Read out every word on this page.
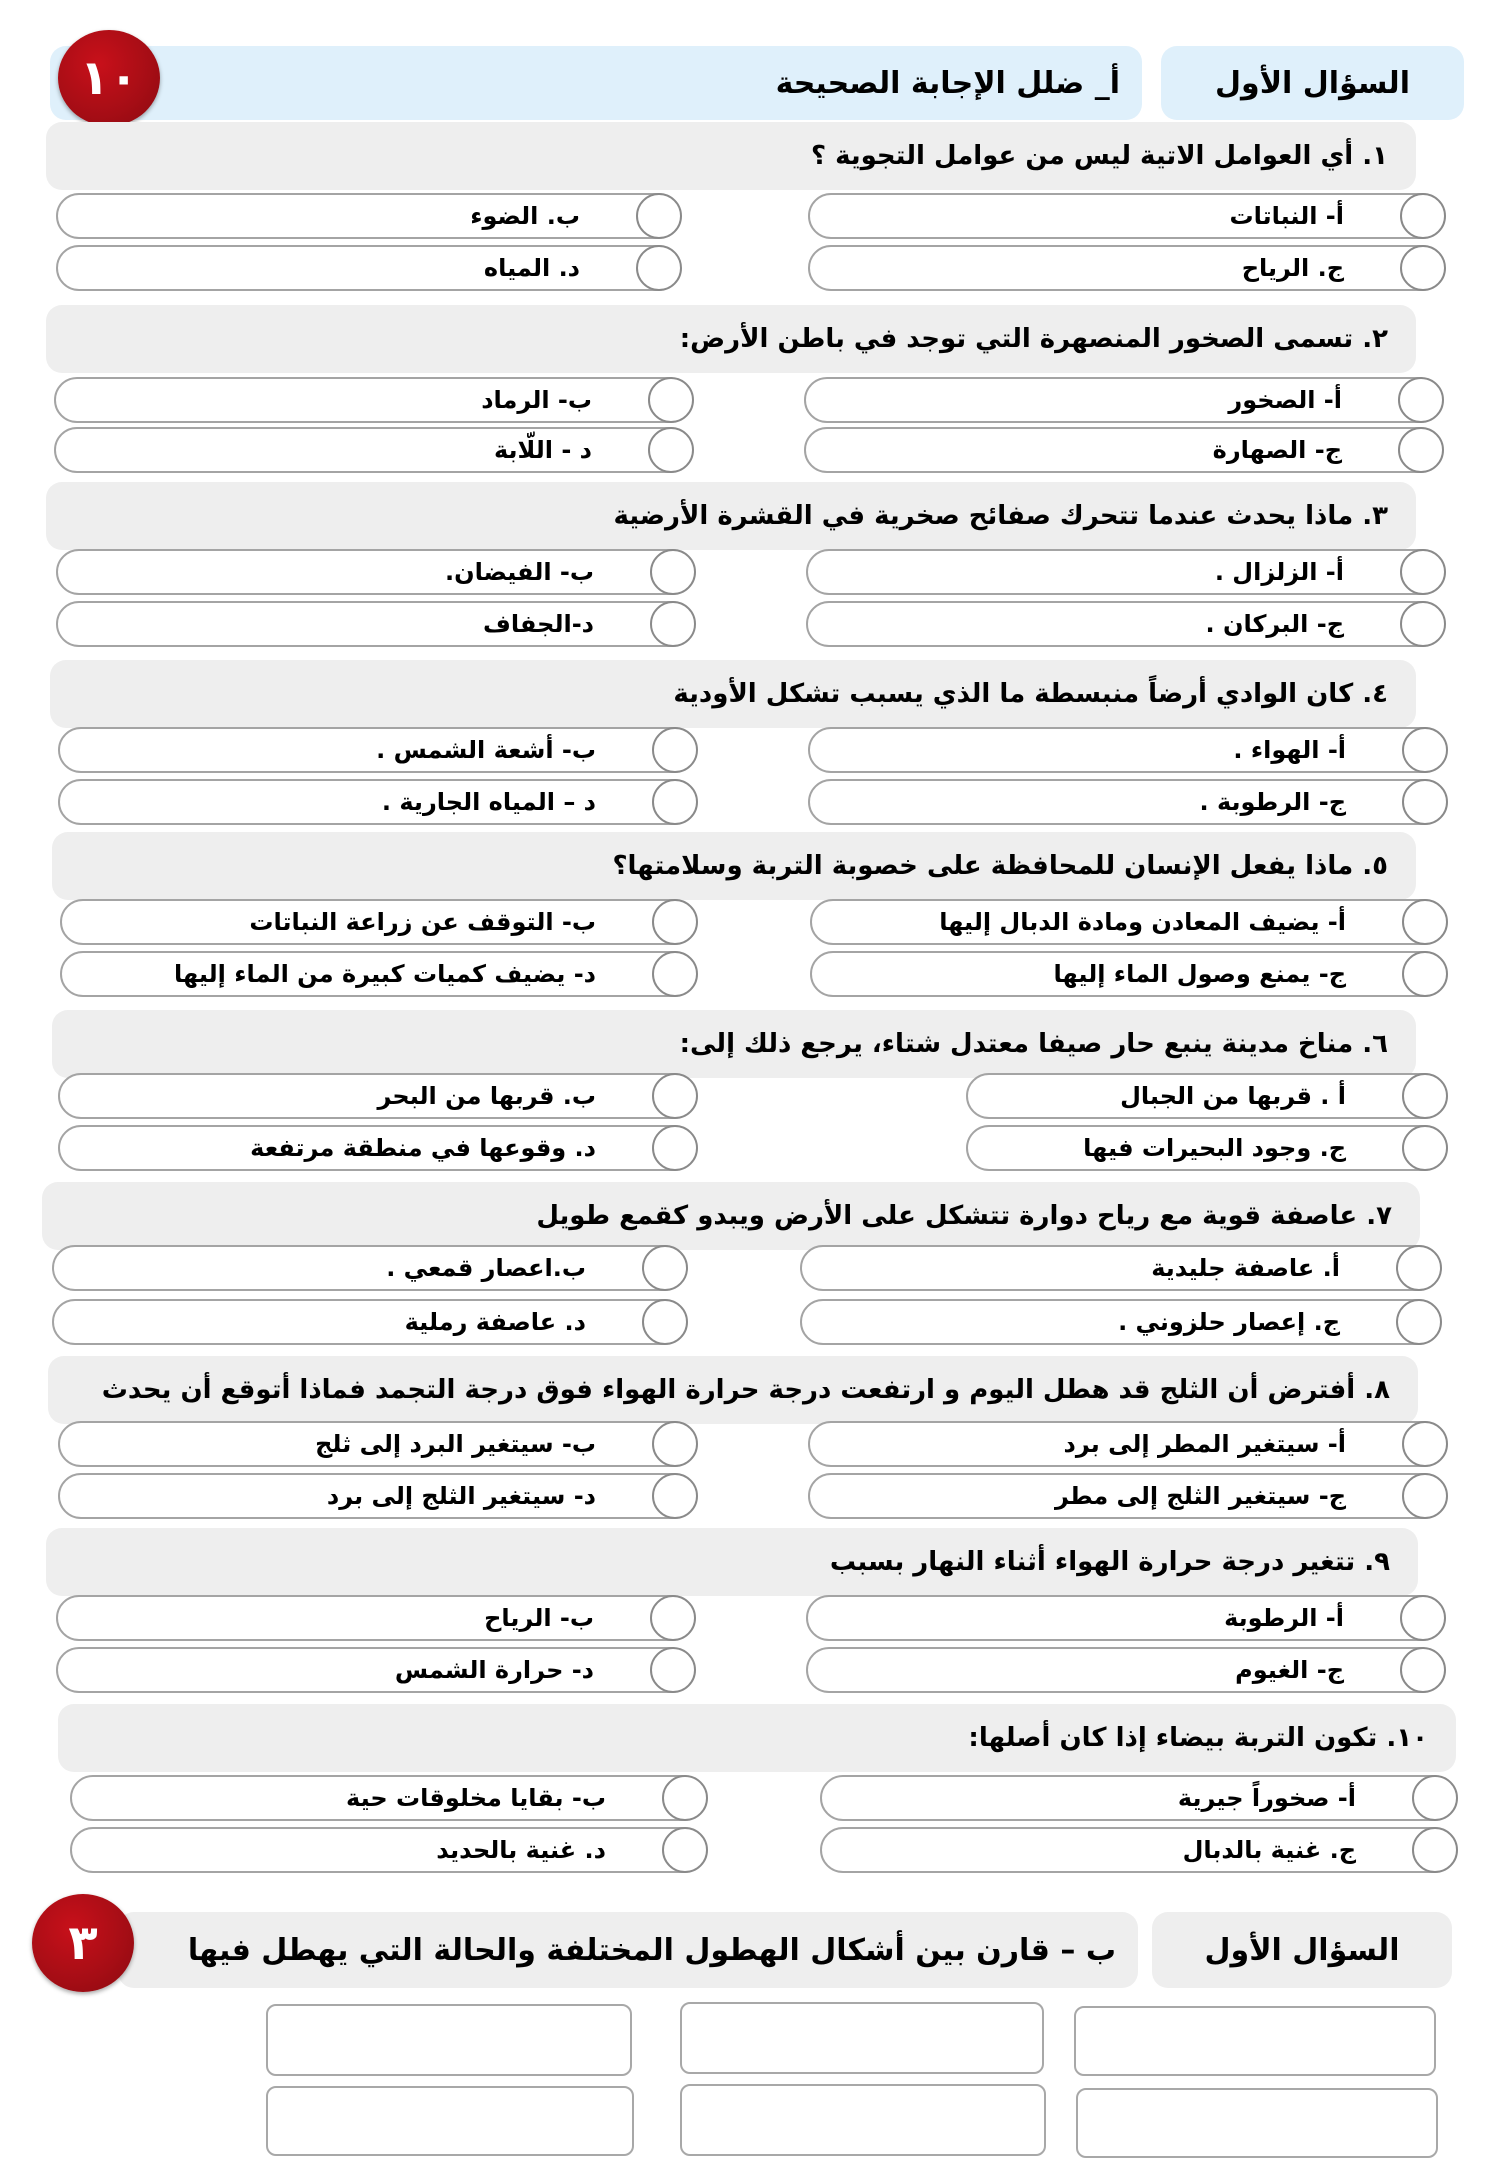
السؤال الأول
أ_ ضلل الإجابة الصحيحة
١٠
١. أي العوامل الاتية ليس من عوامل التجوية ؟
أ- النباتات
ب. الضوء
ج. الرياح
د. المياه
٢. تسمى الصخور المنصهرة التي توجد في باطن الأرض:
أ- الصخور
ب- الرماد
ج- الصهارة
د - اللّابة
٣. ماذا يحدث عندما تتحرك صفائح صخرية في القشرة الأرضية
أ- الزلزال .
ب- الفيضان.
ج- البركان .
د-الجفاف
٤. كان الوادي أرضاً منبسطة ما الذي يسبب تشكل الأودية
أ- الهواء .
ب- أشعة الشمس .
ج- الرطوبة .
د – المياه الجارية .
٥. ماذا يفعل الإنسان للمحافظة على خصوبة التربة وسلامتها؟
أ- يضيف المعادن ومادة الدبال إليها
ب- التوقف عن زراعة النباتات
ج- يمنع وصول الماء إليها
د- يضيف كميات كبيرة من الماء إليها
٦. مناخ مدينة ينبع حار صيفا معتدل شتاء، يرجع ذلك إلى:
أ . قربها من الجبال
ب. قربها من البحر
ج. وجود البحيرات فيها
د. وقوعها في منطقة مرتفعة
٧. عاصفة قوية مع رياح دوارة تتشكل على الأرض ويبدو كقمع طويل
أ. عاصفة جليدية
ب.اعصار قمعي .
ج. إعصار حلزوني .
د. عاصفة رملية
٨. أفترض أن الثلج قد هطل اليوم و ارتفعت درجة حرارة الهواء فوق درجة التجمد فماذا أتوقع أن يحدث
أ- سيتغير المطر إلى برد
ب- سيتغير البرد إلى ثلج
ج- سيتغير الثلج إلى مطر
د- سيتغير الثلج إلى برد
٩. تتغير درجة حرارة الهواء أثناء النهار بسبب
أ- الرطوبة
ب- الرياح
ج- الغيوم
د- حرارة الشمس
١٠. تكون التربة بيضاء إذا كان أصلها:
أ- صخوراً جيرية
ب- بقايا مخلوقات حية
ج. غنية بالدبال
د. غنية بالحديد
السؤال الأول
ب – قارن بين أشكال الهطول المختلفة والحالة التي يهطل فيها
٣
